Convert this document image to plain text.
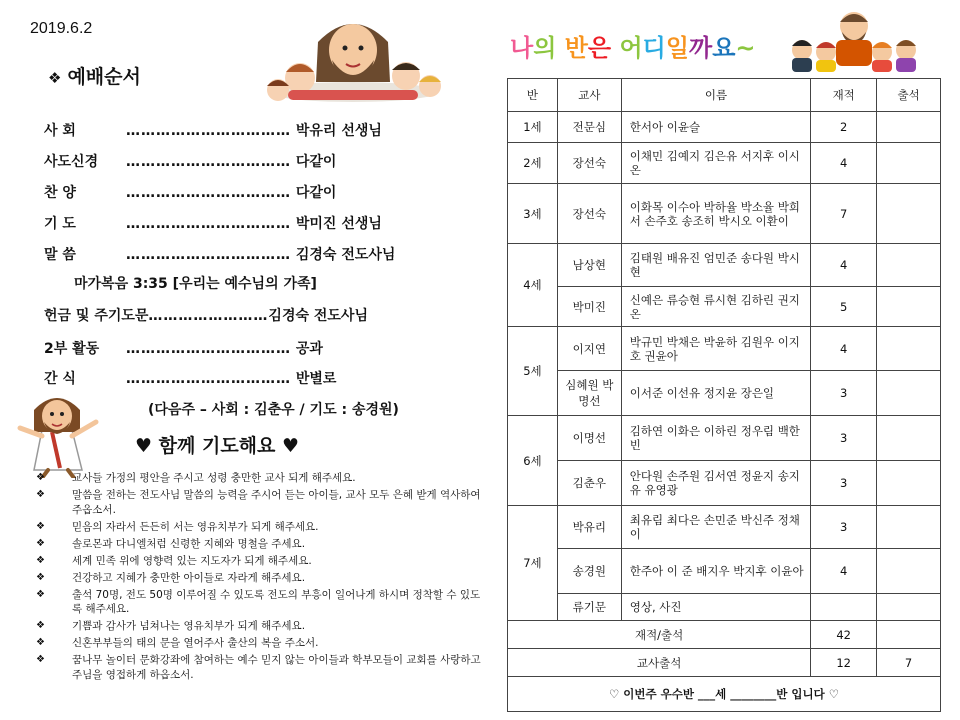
2019.6.2
❖ 예배순서
사 회	…………………………… 박유리 선생님
사도신경 …………………………… 다같이
찬 양	…………………………… 다같이
기 도	…………………………… 박미진 선생님
말 씀	…………………………… 김경숙 전도사님
마가복음 3:35 [우리는 예수님의 가족]
헌금 및 주기도문……………………김경숙 전도사님
2부 활동 …………………………… 공과
간 식	…………………………… 반별로
(다음주 – 사회 : 김춘우 / 기도 : 송경원)
♥ 함께 기도해요 ♥
❖	교사들 가정의 평안을 주시고 성령 충만한 교사 되게 해주세요.
❖	말씀을 전하는 전도사님 말씀의 능력을 주시어 듣는 아이들, 교사 모두 은혜 받게 역사하여 주옵소서.
❖	믿음의 자라서 든든히 서는 영유치부가 되게 해주세요.
❖	솔로몬과 다니엘처럼 신령한 지혜와 명철을 주세요.
❖	세계 민족 위에 영향력 있는 지도자가 되게 해주세요.
❖	건강하고 지혜가 충만한 아이들로 자라게 해주세요.
❖	출석 70명, 전도 50명 이루어질 수 있도록 전도의 부흥이 일어나게 하시며 정착할 수 있도록 해주세요.
❖	기쁨과 감사가 넘쳐나는 영유치부가 되게 해주세요.
❖	신혼부부들의 태의 문을 열어주사 출산의 복을 주소서.
❖	꿈나무 놀이터 문화강좌에 참여하는 예수 믿지 않는 아이들과 학부모들이 교회를 사랑하고 주님을 영접하게 하옵소서.
나의 반은 어디일까요~
반	교사	이름	재적	출석
1세	전문심	한서아 이윤슬	2	
2세	장선숙	이채민 김예지 김은유 서지후 이시온	4	
3세	장선숙	이화목 이수아 박하율 박소율 박희서 손주호 송조히 박시오 이환이	7	
4세	남상현	김태원 배유진 엄민준 송다원 박시현	4	
	박미진	신예은 류승현 류시현 김하린 권지온	5	
5세	이지연	박규민 박채은 박윤하 김원우 이지호 권윤아	4	
	심혜원 박명선	이서준 이선유 정지윤 장은일	3	
6세	이명선	김하연 이화은 이하린 정우림 백한빈	3	
	김춘우	안다원 손주원 김서연 정윤지 송지유 유영광	3	
7세	박유리	최유림 최다은 손민준 박신주 정채이	3	
	송경원	한주아 이 준 배지우 박지후 이윤아	4	
	류기문	영상, 사진		
재적/출석			42	
교사출석			12	7
♡ 이번주 우수반 ___세 ________반 입니다 ♡				
